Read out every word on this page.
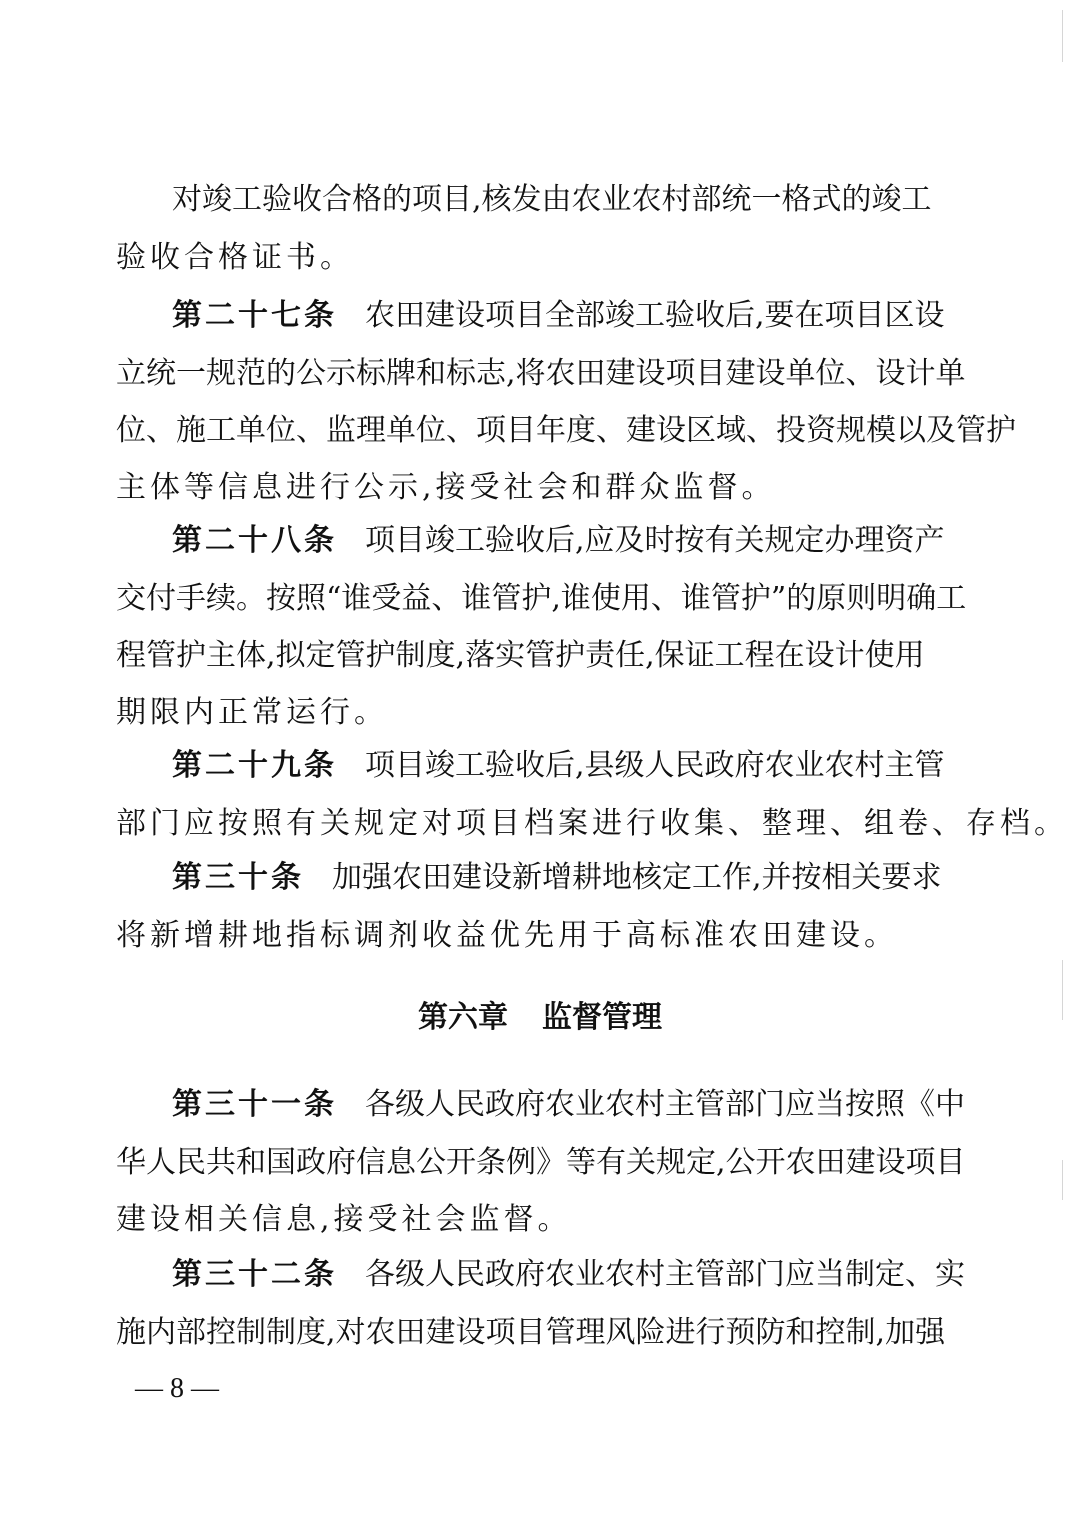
对竣工验收合格的项目,核发由农业农村部统一格式的竣工
验收合格证书。
第二十七条 农田建设项目全部竣工验收后,要在项目区设
立统一规范的公示标牌和标志,将农田建设项目建设单位、设计单
位、施工单位、监理单位、项目年度、建设区域、投资规模以及管护
主体等信息进行公示,接受社会和群众监督。
第二十八条 项目竣工验收后,应及时按有关规定办理资产
交付手续。按照“谁受益、谁管护,谁使用、谁管护”的原则明确工
程管护主体,拟定管护制度,落实管护责任,保证工程在设计使用
期限内正常运行。
第二十九条 项目竣工验收后,县级人民政府农业农村主管
部门应按照有关规定对项目档案进行收集、整理、组卷、存档。
第三十条 加强农田建设新增耕地核定工作,并按相关要求
将新增耕地指标调剂收益优先用于高标准农田建设。
第六章 监督管理
第三十一条 各级人民政府农业农村主管部门应当按照《中
华人民共和国政府信息公开条例》等有关规定,公开农田建设项目
建设相关信息,接受社会监督。
第三十二条 各级人民政府农业农村主管部门应当制定、实
施内部控制制度,对农田建设项目管理风险进行预防和控制,加强
— 8 —
